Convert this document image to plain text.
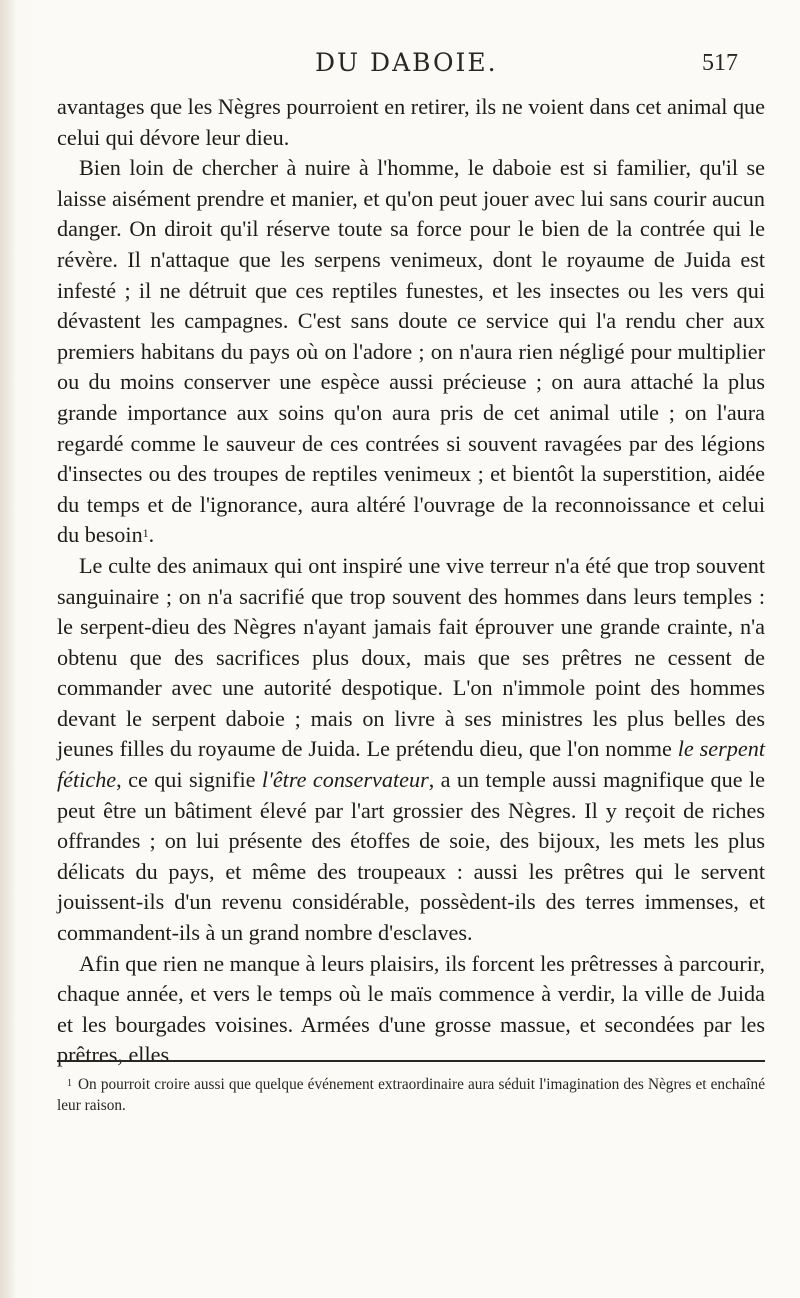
DU DABOIE.	517

avantages que les Nègres pourroient en retirer, ils ne voient dans cet animal que celui qui dévore leur dieu.

Bien loin de chercher à nuire à l'homme, le daboie est si familier, qu'il se laisse aisément prendre et manier, et qu'on peut jouer avec lui sans courir aucun danger. On diroit qu'il réserve toute sa force pour le bien de la contrée qui le révère. Il n'attaque que les serpens venimeux, dont le royaume de Juida est infesté ; il ne détruit que ces reptiles funestes, et les insectes ou les vers qui dévastent les campagnes. C'est sans doute ce service qui l'a rendu cher aux premiers habitans du pays où on l'adore ; on n'aura rien négligé pour multiplier ou du moins conserver une espèce aussi précieuse ; on aura attaché la plus grande importance aux soins qu'on aura pris de cet animal utile ; on l'aura regardé comme le sauveur de ces contrées si souvent ravagées par des légions d'insectes ou des troupes de reptiles venimeux ; et bientôt la superstition, aidée du temps et de l'ignorance, aura altéré l'ouvrage de la reconnoissance et celui du besoin$^1$.

Le culte des animaux qui ont inspiré une vive terreur n'a été que trop souvent sanguinaire ; on n'a sacrifié que trop souvent des hommes dans leurs temples : le serpent-dieu des Nègres n'ayant jamais fait éprouver une grande crainte, n'a obtenu que des sacrifices plus doux, mais que ses prêtres ne cessent de commander avec une autorité despotique. L'on n'immole point des hommes devant le serpent daboie ; mais on livre à ses ministres les plus belles des jeunes filles du royaume de Juida. Le prétendu dieu, que l'on nomme le serpent fétiche, ce qui signifie l'être conservateur, a un temple aussi magnifique que le peut être un bâtiment élevé par l'art grossier des Nègres. Il y reçoit de riches offrandes ; on lui présente des étoffes de soie, des bijoux, les mets les plus délicats du pays, et même des troupeaux : aussi les prêtres qui le servent jouissent-ils d'un revenu considérable, possèdent-ils des terres immenses, et commandent-ils à un grand nombre d'esclaves.

Afin que rien ne manque à leurs plaisirs, ils forcent les prêtresses à parcourir, chaque année, et vers le temps où le maïs commence à verdir, la ville de Juida et les bourgades voisines. Armées d'une grosse massue, et secondées par les prêtres, elles

$^1$ On pourroit croire aussi que quelque événement extraordinaire aura séduit l'imagination des Nègres et enchaîné leur raison.
